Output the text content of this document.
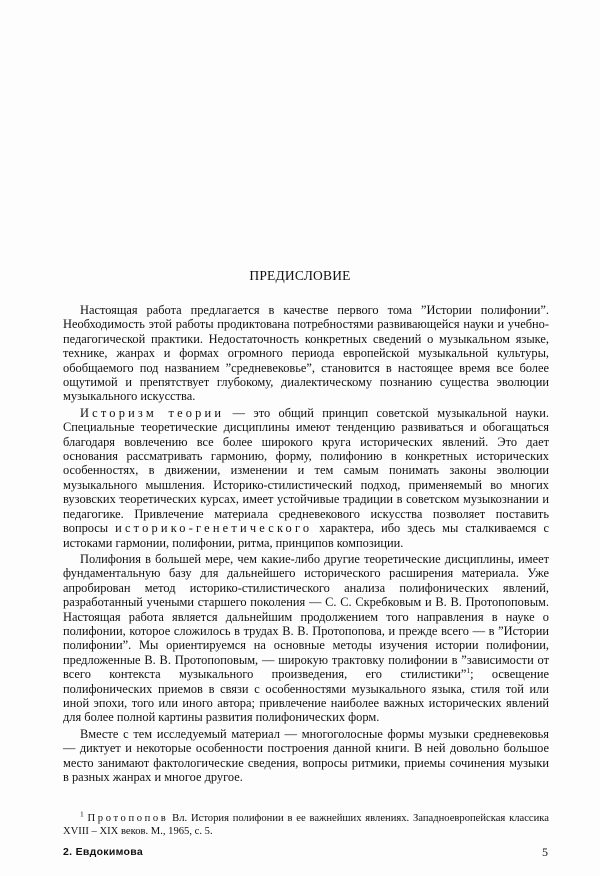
ПРЕДИСЛОВИЕ

Настоящая работа предлагается в качестве первого тома ”Истории полифонии”. Необходимость этой работы продиктована потребностями развивающейся науки и учебно-педагогической практики. Недостаточность конкретных сведений о музыкальном языке, технике, жанрах и формах огромного периода европейской музыкальной культуры, обобщаемого под названием ”средневековье”, становится в настоящее время все более ощутимой и препятствует глубокому, диалектическому познанию существа эволюции музыкального искусства.

Историзм теории — это общий принцип советской музыкальной науки. Специальные теоретические дисциплины имеют тенденцию развиваться и обогащаться благодаря вовлечению все более широкого круга исторических явлений. Это дает основания рассматривать гармонию, форму, полифонию в конкретных исторических особенностях, в движении, изменении и тем самым понимать законы эволюции музыкального мышления. Историко-стилистический подход, применяемый во многих вузовских теоретических курсах, имеет устойчивые традиции в советском музыкознании и педагогике. Привлечение материала средневекового искусства позволяет поставить вопросы историко-генетического характера, ибо здесь мы сталкиваемся с истоками гармонии, полифонии, ритма, принципов композиции.

Полифония в большей мере, чем какие-либо другие теоретические дисциплины, имеет фундаментальную базу для дальнейшего исторического расширения материала. Уже апробирован метод историко-стилистического анализа полифонических явлений, разработанный учеными старшего поколения — С. С. Скребковым и В. В. Протопоповым. Настоящая работа является дальнейшим продолжением того направления в науке о полифонии, которое сложилось в трудах В. В. Протопопова, и прежде всего — в ”Истории полифонии”. Мы ориентируемся на основные методы изучения истории полифонии, предложенные В. В. Протопоповым, — широкую трактовку полифонии в ”зависимости от всего контекста музыкального произведения, его стилистики”$^1$; освещение полифонических приемов в связи с особенностями музыкального языка, стиля той или иной эпохи, того или иного автора; привлечение наиболее важных исторических явлений для более полной картины развития полифонических форм.

Вместе с тем исследуемый материал — многоголосные формы музыки средневековья — диктует и некоторые особенности построения данной книги. В ней довольно большое место занимают фактологические сведения, вопросы ритмики, приемы сочинения музыки в разных жанрах и многое другое.

$^1$ Протопопов Вл. История полифонии в ее важнейших явлениях. Западноевропейская классика XVIII – XIX веков. М., 1965, с. 5.

2. Евдокимова	5
